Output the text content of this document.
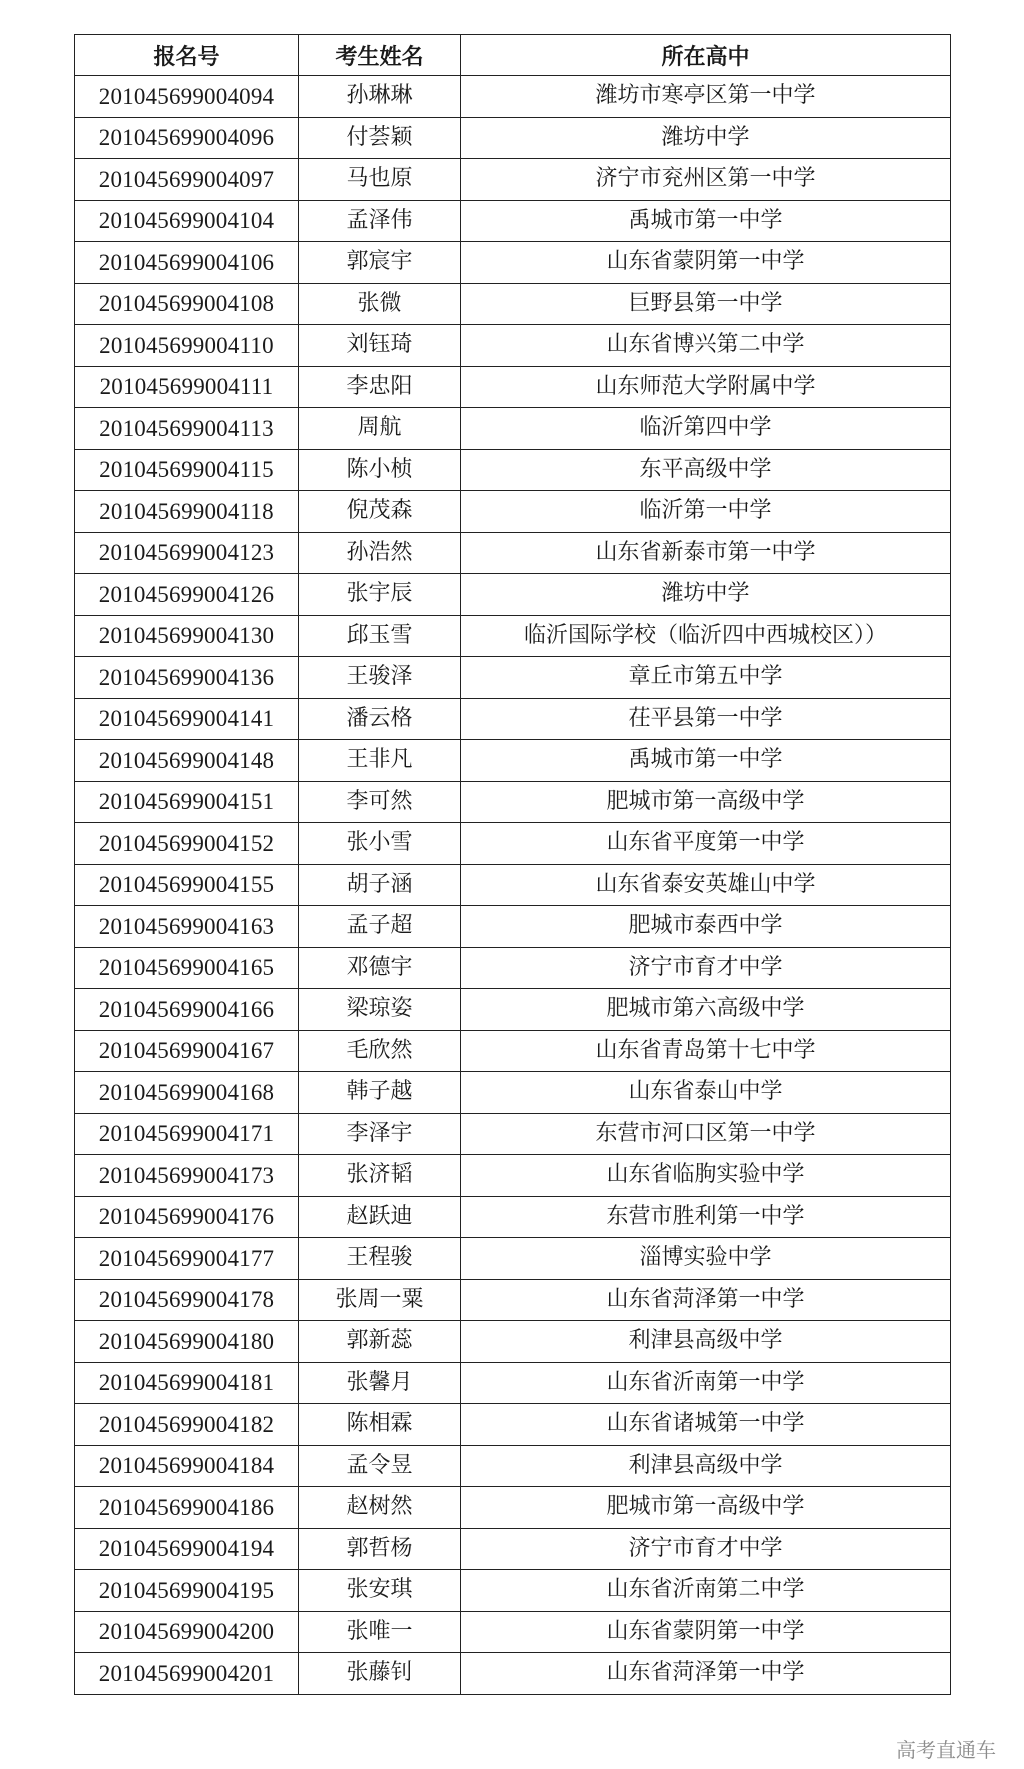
报名号	考生姓名	所在高中
201045699004094	孙琳琳	潍坊市寒亭区第一中学
201045699004096	付荟颖	潍坊中学
201045699004097	马也原	济宁市兖州区第一中学
201045699004104	孟泽伟	禹城市第一中学
201045699004106	郭宸宇	山东省蒙阴第一中学
201045699004108	张微	巨野县第一中学
201045699004110	刘钰琦	山东省博兴第二中学
201045699004111	李忠阳	山东师范大学附属中学
201045699004113	周航	临沂第四中学
201045699004115	陈小桢	东平高级中学
201045699004118	倪茂森	临沂第一中学
201045699004123	孙浩然	山东省新泰市第一中学
201045699004126	张宇辰	潍坊中学
201045699004130	邱玉雪	临沂国际学校（临沂四中西城校区））
201045699004136	王骏泽	章丘市第五中学
201045699004141	潘云格	茌平县第一中学
201045699004148	王非凡	禹城市第一中学
201045699004151	李可然	肥城市第一高级中学
201045699004152	张小雪	山东省平度第一中学
201045699004155	胡子涵	山东省泰安英雄山中学
201045699004163	孟子超	肥城市泰西中学
201045699004165	邓德宇	济宁市育才中学
201045699004166	梁琼姿	肥城市第六高级中学
201045699004167	毛欣然	山东省青岛第十七中学
201045699004168	韩子越	山东省泰山中学
201045699004171	李泽宇	东营市河口区第一中学
201045699004173	张济韬	山东省临朐实验中学
201045699004176	赵跃迪	东营市胜利第一中学
201045699004177	王程骏	淄博实验中学
201045699004178	张周一粟	山东省菏泽第一中学
201045699004180	郭新蕊	利津县高级中学
201045699004181	张馨月	山东省沂南第一中学
201045699004182	陈相霖	山东省诸城第一中学
201045699004184	孟令昱	利津县高级中学
201045699004186	赵树然	肥城市第一高级中学
201045699004194	郭哲杨	济宁市育才中学
201045699004195	张安琪	山东省沂南第二中学
201045699004200	张唯一	山东省蒙阴第一中学
201045699004201	张藤钊	山东省菏泽第一中学
高考直通车
